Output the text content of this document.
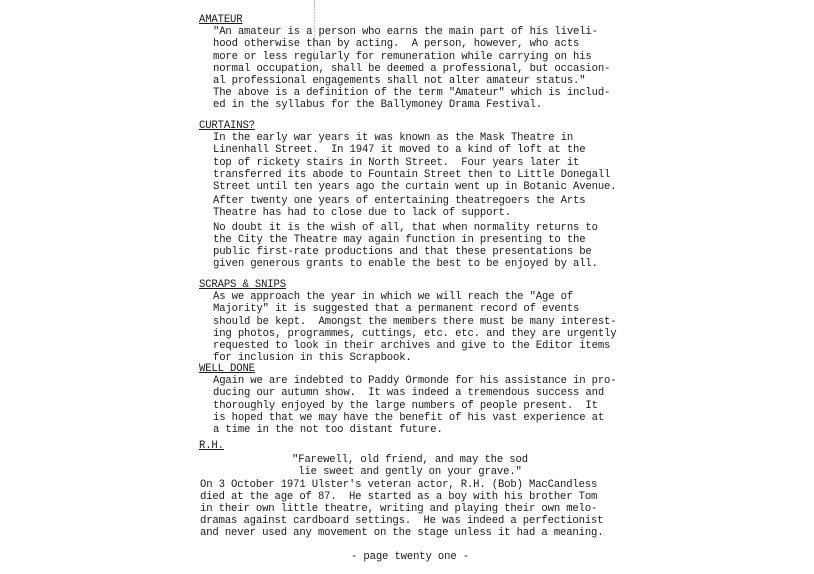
AMATEUR
"An amateur is a person who earns the main part of his liveli-
hood otherwise than by acting.  A person, however, who acts
more or less regularly for remuneration while carrying on his
normal occupation, shall be deemed a professional, but occasion-
al professional engagements shall not alter amateur status."
The above is a definition of the term "Amateur" which is includ-
ed in the syllabus for the Ballymoney Drama Festival.
CURTAINS?
In the early war years it was known as the Mask Theatre in
Linenhall Street.  In 1947 it moved to a kind of loft at the
top of rickety stairs in North Street.  Four years later it
transferred its abode to Fountain Street then to Little Donegall
Street until ten years ago the curtain went up in Botanic Avenue.
After twenty one years of entertaining theatregoers the Arts
Theatre has had to close due to lack of support.
No doubt it is the wish of all, that when normality returns to
the City the Theatre may again function in presenting to the
public first-rate productions and that these presentations be
given generous grants to enable the best to be enjoyed by all.
SCRAPS & SNIPS
As we approach the year in which we will reach the "Age of
Majority" it is suggested that a permanent record of events
should be kept.  Amongst the members there must be many interest-
ing photos, programmes, cuttings, etc. etc. and they are urgently
requested to look in their archives and give to the Editor items
for inclusion in this Scrapbook.
WELL DONE
Again we are indebted to Paddy Ormonde for his assistance in pro-
ducing our autumn show.  It was indeed a tremendous success and
thoroughly enjoyed by the large numbers of people present.  It
is hoped that we may have the benefit of his vast experience at
a time in the not too distant future.
R.H.
"Farewell, old friend, and may the sod
lie sweet and gently on your grave."
On 3 October 1971 Ulster's veteran actor, R.H. (Bob) MacCandless
died at the age of 87.  He started as a boy with his brother Tom
in their own little theatre, writing and playing their own melo-
dramas against cardboard settings.  He was indeed a perfectionist
and never used any movement on the stage unless it had a meaning.
- page twenty one -
